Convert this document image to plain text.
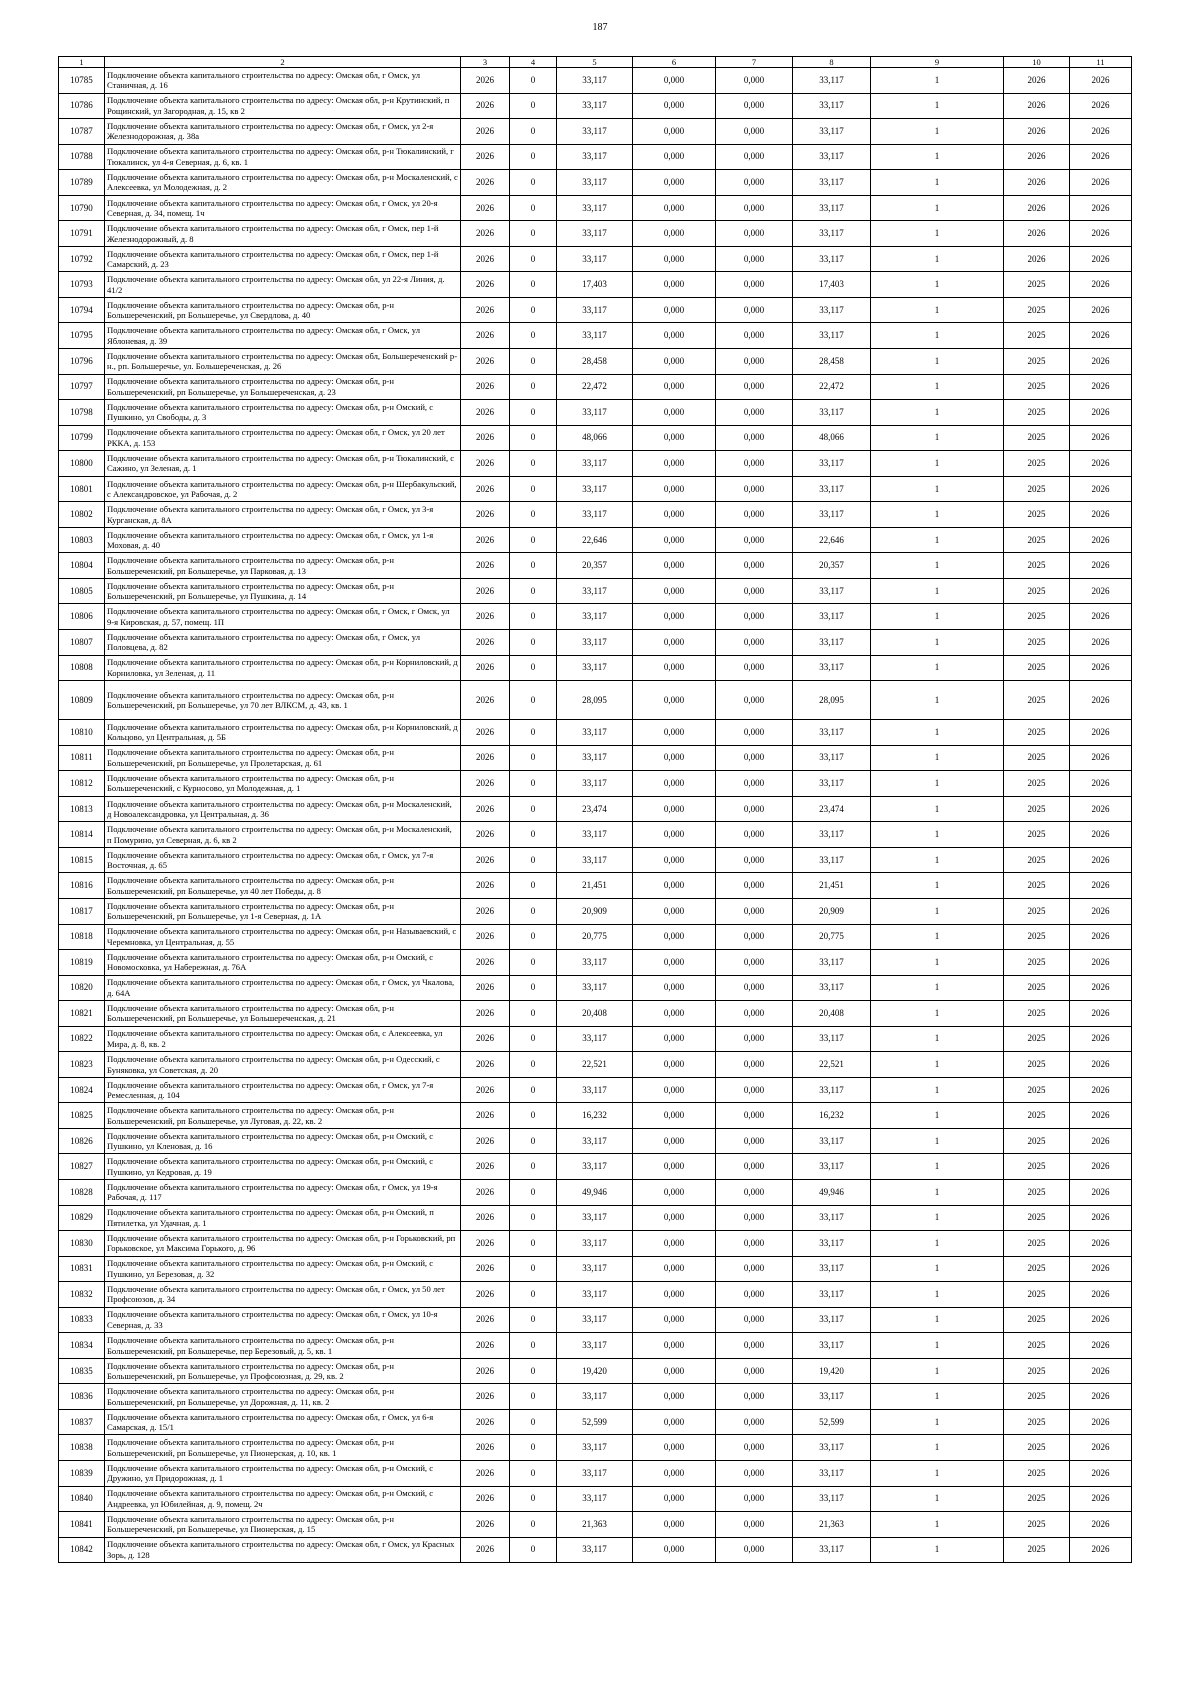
187
1	2	3	4	5	6	7	8	9	10	11
10785	Подключение объекта капитального строительства по адресу: Омская обл, г Омск, ул Станичная, д. 16	2026	0	33,117	0,000	0,000	33,117	1	2026	2026
10786	Подключение объекта капитального строительства по адресу: Омская обл, р-н Крутинский, п Рощинский, ул Загородная, д. 15, кв 2	2026	0	33,117	0,000	0,000	33,117	1	2026	2026
10787	Подключение объекта капитального строительства по адресу: Омская обл, г Омск, ул 2-я Железнодорожная, д. 38а	2026	0	33,117	0,000	0,000	33,117	1	2026	2026
10788	Подключение объекта капитального строительства по адресу: Омская обл, р-н Тюкалинский, г Тюкалинск, ул 4-я Северная, д. 6, кв. 1	2026	0	33,117	0,000	0,000	33,117	1	2026	2026
10789	Подключение объекта капитального строительства по адресу: Омская обл, р-н Москаленский, с Алексеевка, ул Молодежная, д. 2	2026	0	33,117	0,000	0,000	33,117	1	2026	2026
10790	Подключение объекта капитального строительства по адресу: Омская обл, г Омск, ул 20-я Северная, д. 34, помещ. 1ч	2026	0	33,117	0,000	0,000	33,117	1	2026	2026
10791	Подключение объекта капитального строительства по адресу: Омская обл, г Омск, пер 1-й Железнодорожный, д. 8	2026	0	33,117	0,000	0,000	33,117	1	2026	2026
10792	Подключение объекта капитального строительства по адресу: Омская обл, г Омск, пер 1-й Самарский, д. 23	2026	0	33,117	0,000	0,000	33,117	1	2026	2026
10793	Подключение объекта капитального строительства по адресу: Омская обл, ул 22-я Линия, д. 41/2	2026	0	17,403	0,000	0,000	17,403	1	2025	2026
10794	Подключение объекта капитального строительства по адресу: Омская обл, р-н Большереченский, рп Большеречье, ул Свердлова, д. 40	2026	0	33,117	0,000	0,000	33,117	1	2025	2026
10795	Подключение объекта капитального строительства по адресу: Омская обл, г Омск, ул Яблоневая, д. 39	2026	0	33,117	0,000	0,000	33,117	1	2025	2026
10796	Подключение объекта капитального строительства по адресу: Омская обл, Большереченский р-н., рп. Большеречье, ул. Большереченская, д. 26	2026	0	28,458	0,000	0,000	28,458	1	2025	2026
10797	Подключение объекта капитального строительства по адресу: Омская обл, р-н Большереченский, рп Большеречье, ул Большереченская, д. 23	2026	0	22,472	0,000	0,000	22,472	1	2025	2026
10798	Подключение объекта капитального строительства по адресу: Омская обл, р-н Омский, с Пушкино, ул Свободы, д. 3	2026	0	33,117	0,000	0,000	33,117	1	2025	2026
10799	Подключение объекта капитального строительства по адресу: Омская обл, г Омск, ул 20 лет РККА, д. 153	2026	0	48,066	0,000	0,000	48,066	1	2025	2026
10800	Подключение объекта капитального строительства по адресу: Омская обл, р-н Тюкалинский, с Сажино, ул Зеленая, д. 1	2026	0	33,117	0,000	0,000	33,117	1	2025	2026
10801	Подключение объекта капитального строительства по адресу: Омская обл, р-н Шербакульский, с Александровское, ул Рабочая, д. 2	2026	0	33,117	0,000	0,000	33,117	1	2025	2026
10802	Подключение объекта капитального строительства по адресу: Омская обл, г Омск, ул 3-я Курганская, д. 8А	2026	0	33,117	0,000	0,000	33,117	1	2025	2026
10803	Подключение объекта капитального строительства по адресу: Омская обл, г Омск, ул 1-я Моховая, д. 40	2026	0	22,646	0,000	0,000	22,646	1	2025	2026
10804	Подключение объекта капитального строительства по адресу: Омская обл, р-н Большереченский, рп Большеречье, ул Парковая, д. 13	2026	0	20,357	0,000	0,000	20,357	1	2025	2026
10805	Подключение объекта капитального строительства по адресу: Омская обл, р-н Большереченский, рп Большеречье, ул Пушкина, д. 14	2026	0	33,117	0,000	0,000	33,117	1	2025	2026
10806	Подключение объекта капитального строительства по адресу: Омская обл, г Омск, г Омск, ул 9-я Кировская, д. 57, помещ. 1П	2026	0	33,117	0,000	0,000	33,117	1	2025	2026
10807	Подключение объекта капитального строительства по адресу: Омская обл, г Омск, ул Половцева, д. 82	2026	0	33,117	0,000	0,000	33,117	1	2025	2026
10808	Подключение объекта капитального строительства по адресу: Омская обл, р-н Корниловский, д Корниловка, ул Зеленая, д. 11	2026	0	33,117	0,000	0,000	33,117	1	2025	2026
10809	Подключение объекта капитального строительства по адресу: Омская обл, р-н Большереченский, рп Большеречье, ул 70 лет ВЛКСМ, д. 43, кв. 1	2026	0	28,095	0,000	0,000	28,095	1	2025	2026
10810	Подключение объекта капитального строительства по адресу: Омская обл, р-н Корниловский, д Кольцово, ул Центральная, д. 5Б	2026	0	33,117	0,000	0,000	33,117	1	2025	2026
10811	Подключение объекта капитального строительства по адресу: Омская обл, р-н Большереченский, рп Большеречье, ул Пролетарская, д. 61	2026	0	33,117	0,000	0,000	33,117	1	2025	2026
10812	Подключение объекта капитального строительства по адресу: Омская обл, р-н Большереченский, с Курносово, ул Молодежная, д. 1	2026	0	33,117	0,000	0,000	33,117	1	2025	2026
10813	Подключение объекта капитального строительства по адресу: Омская обл, р-н Москаленский, д Новоалександровка, ул Центральная, д. 36	2026	0	23,474	0,000	0,000	23,474	1	2025	2026
10814	Подключение объекта капитального строительства по адресу: Омская обл, р-н Москаленский, п Помурино, ул Северная, д. 6, кв 2	2026	0	33,117	0,000	0,000	33,117	1	2025	2026
10815	Подключение объекта капитального строительства по адресу: Омская обл, г Омск, ул 7-я Восточная, д. 65	2026	0	33,117	0,000	0,000	33,117	1	2025	2026
10816	Подключение объекта капитального строительства по адресу: Омская обл, р-н Большереченский, рп Большеречье, ул 40 лет Победы, д. 8	2026	0	21,451	0,000	0,000	21,451	1	2025	2026
10817	Подключение объекта капитального строительства по адресу: Омская обл, р-н Большереченский, рп Большеречье, ул 1-я Северная, д. 1А	2026	0	20,909	0,000	0,000	20,909	1	2025	2026
10818	Подключение объекта капитального строительства по адресу: Омская обл, р-н Называевский, с Черемновка, ул Центральная, д. 55	2026	0	20,775	0,000	0,000	20,775	1	2025	2026
10819	Подключение объекта капитального строительства по адресу: Омская обл, р-н Омский, с Новомосковка, ул Набережная, д. 76А	2026	0	33,117	0,000	0,000	33,117	1	2025	2026
10820	Подключение объекта капитального строительства по адресу: Омская обл, г Омск, ул Чкалова, д. 64А	2026	0	33,117	0,000	0,000	33,117	1	2025	2026
10821	Подключение объекта капитального строительства по адресу: Омская обл, р-н Большереченский, рп Большеречье, ул Большереченская, д. 21	2026	0	20,408	0,000	0,000	20,408	1	2025	2026
10822	Подключение объекта капитального строительства по адресу: Омская обл, с Алексеевка, ул Мира, д. 8, кв. 2	2026	0	33,117	0,000	0,000	33,117	1	2025	2026
10823	Подключение объекта капитального строительства по адресу: Омская обл, р-н Одесский, с Буняковка, ул Советская, д. 20	2026	0	22,521	0,000	0,000	22,521	1	2025	2026
10824	Подключение объекта капитального строительства по адресу: Омская обл, г Омск, ул 7-я Ремесленная, д. 104	2026	0	33,117	0,000	0,000	33,117	1	2025	2026
10825	Подключение объекта капитального строительства по адресу: Омская обл, р-н Большереченский, рп Большеречье, ул Луговая, д. 22, кв. 2	2026	0	16,232	0,000	0,000	16,232	1	2025	2026
10826	Подключение объекта капитального строительства по адресу: Омская обл, р-н Омский, с Пушкино, ул Кленовая, д. 16	2026	0	33,117	0,000	0,000	33,117	1	2025	2026
10827	Подключение объекта капитального строительства по адресу: Омская обл, р-н Омский, с Пушкино, ул Кедровая, д. 19	2026	0	33,117	0,000	0,000	33,117	1	2025	2026
10828	Подключение объекта капитального строительства по адресу: Омская обл, г Омск, ул 19-я Рабочая, д. 117	2026	0	49,946	0,000	0,000	49,946	1	2025	2026
10829	Подключение объекта капитального строительства по адресу: Омская обл, р-н Омский, п Пятилетка, ул Удачная, д. 1	2026	0	33,117	0,000	0,000	33,117	1	2025	2026
10830	Подключение объекта капитального строительства по адресу: Омская обл, р-н Горьковский, рп Горьковское, ул Максима Горького, д. 96	2026	0	33,117	0,000	0,000	33,117	1	2025	2026
10831	Подключение объекта капитального строительства по адресу: Омская обл, р-н Омский, с Пушкино, ул Березовая, д. 32	2026	0	33,117	0,000	0,000	33,117	1	2025	2026
10832	Подключение объекта капитального строительства по адресу: Омская обл, г Омск, ул 50 лет Профсоюзов, д. 34	2026	0	33,117	0,000	0,000	33,117	1	2025	2026
10833	Подключение объекта капитального строительства по адресу: Омская обл, г Омск, ул 10-я Северная, д. 33	2026	0	33,117	0,000	0,000	33,117	1	2025	2026
10834	Подключение объекта капитального строительства по адресу: Омская обл, р-н Большереченский, рп Большеречье, пер Березовый, д. 5, кв. 1	2026	0	33,117	0,000	0,000	33,117	1	2025	2026
10835	Подключение объекта капитального строительства по адресу: Омская обл, р-н Большереченский, рп Большеречье, ул Профсоюзная, д. 29, кв. 2	2026	0	19,420	0,000	0,000	19,420	1	2025	2026
10836	Подключение объекта капитального строительства по адресу: Омская обл, р-н Большереченский, рп Большеречье, ул Дорожная, д. 11, кв. 2	2026	0	33,117	0,000	0,000	33,117	1	2025	2026
10837	Подключение объекта капитального строительства по адресу: Омская обл, г Омск, ул 6-я Самарская, д. 15/1	2026	0	52,599	0,000	0,000	52,599	1	2025	2026
10838	Подключение объекта капитального строительства по адресу: Омская обл, р-н Большереченский, рп Большеречье, ул Пионерская, д. 10, кв. 1	2026	0	33,117	0,000	0,000	33,117	1	2025	2026
10839	Подключение объекта капитального строительства по адресу: Омская обл, р-н Омский, с Дружино, ул Придорожная, д. 1	2026	0	33,117	0,000	0,000	33,117	1	2025	2026
10840	Подключение объекта капитального строительства по адресу: Омская обл, р-н Омский, с Андреевка, ул Юбилейная, д. 9, помещ. 2ч	2026	0	33,117	0,000	0,000	33,117	1	2025	2026
10841	Подключение объекта капитального строительства по адресу: Омская обл, р-н Большереченский, рп Большеречье, ул Пионерская, д. 15	2026	0	21,363	0,000	0,000	21,363	1	2025	2026
10842	Подключение объекта капитального строительства по адресу: Омская обл, г Омск, ул Красных Зорь, д. 128	2026	0	33,117	0,000	0,000	33,117	1	2025	2026
